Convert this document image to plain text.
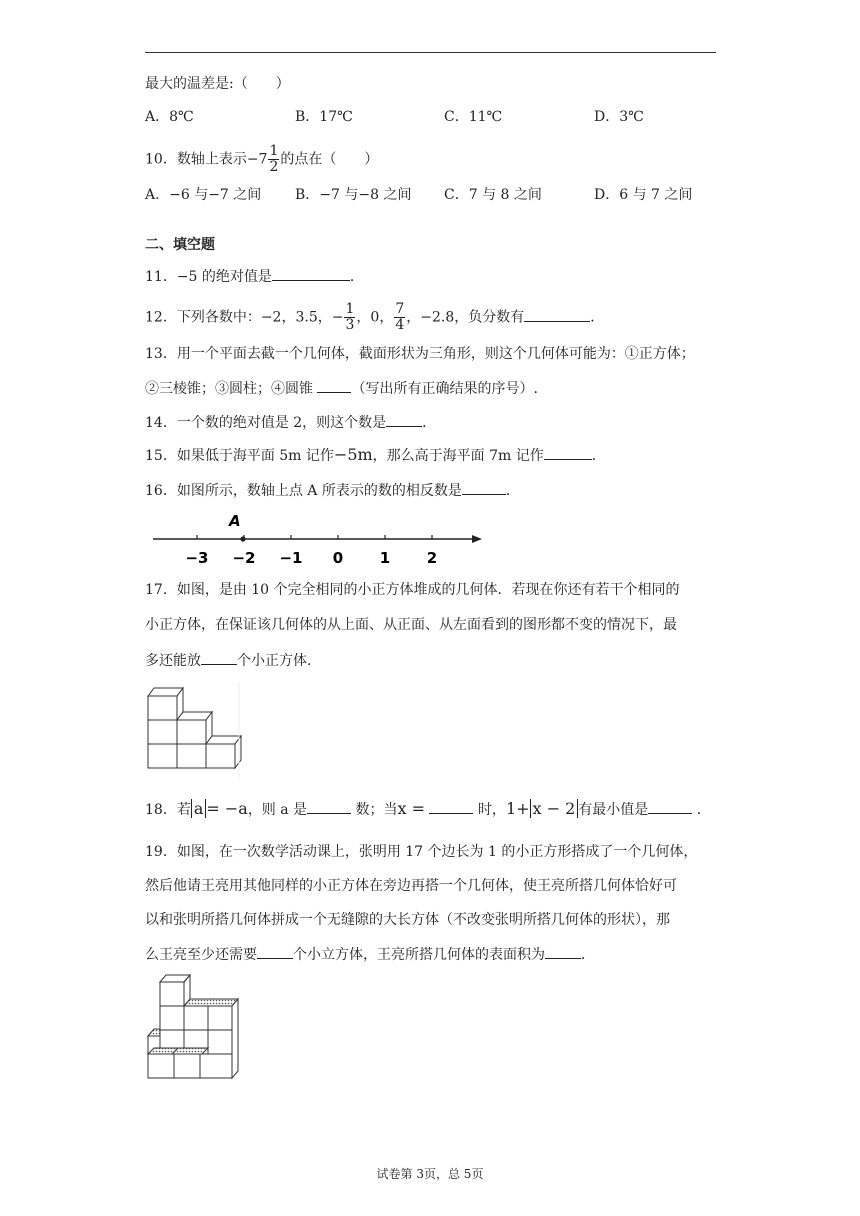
最大的温差是:（　　）
A．8℃	B．17℃	C．11℃	D．3℃
10．数轴上表示$-7 \frac{1}{2}$ 的点在（　　）
A．−6 与−7 之间 B．−7 与−8 之间 C．7 与 8 之间	D．6 与 7 之间
二、填空题
11．−5 的绝对值是	．
12．下列各数中：−2，3.5，− $\frac{1}{3}$ ，0， $\frac{7}{4}$ ，−2.8，负分数有	．
13．用一个平面去截一个几何体，截面形状为三角形，则这个几何体可能为：①正方体；
②三棱锥；③圆柱；④圆锥	（写出所有正确结果的序号）.
14．一个数的绝对值是 2，则这个数是	．
15．如果低于海平面 5m 记作−5m，那么高于海平面 7m 记作	．
16．如图所示，数轴上点 A 所表示的数的相反数是	．
−3 −2 −1 0 1 2
A
17．如图，是由 10 个完全相同的小正方体堆成的几何体．若现在你还有若干个相同的
小正方体，在保证该几何体的从上面、从正面、从左面看到的图形都不变的情况下，最
多还能放	个小正方体．
18．若 a = −a，则 a 是	数；当x =	时，1+ x − 2 有最小值是	．
19．如图，在一次数学活动课上，张明用 17 个边长为 1 的小正方形搭成了一个几何体，
然后他请王亮用其他同样的小正方体在旁边再搭一个几何体，使王亮所搭几何体恰好可
以和张明所搭几何体拼成一个无缝隙的大长方体（不改变张明所搭几何体的形状），那
么王亮至少还需要	个小立方体，王亮所搭几何体的表面积为	．
试卷第 3页，总 5页
